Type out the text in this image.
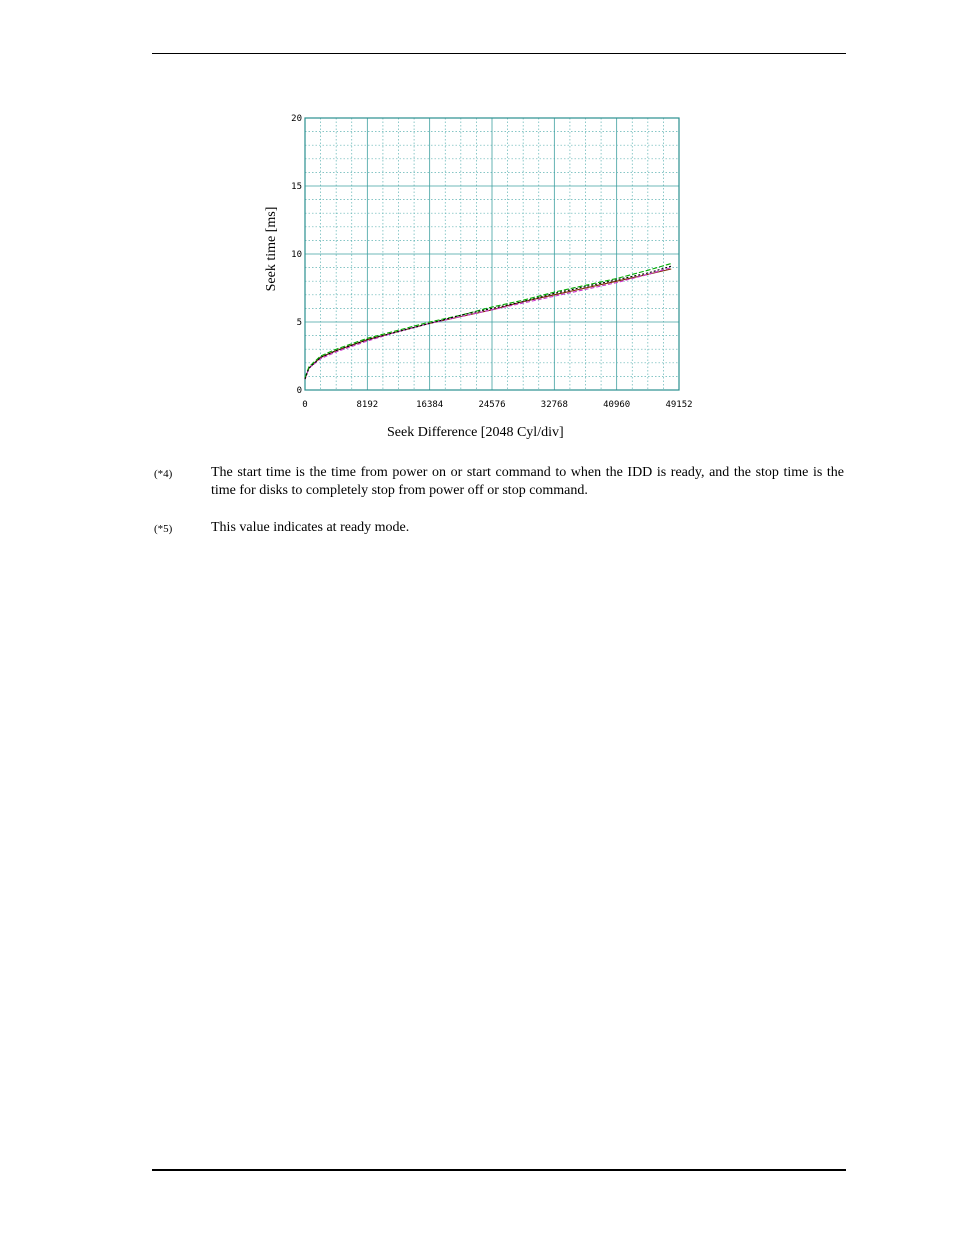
0	8192	16384	24576	32768	40960	49152
0
5
10
15
20
Seek time [ms]
Seek Difference [2048 Cyl/div]
(*4)	The start time is the time from power on or start command to when the IDD is ready, and the stop time is the time for disks to completely stop from power off or stop command.
(*5)	This value indicates at ready mode.
